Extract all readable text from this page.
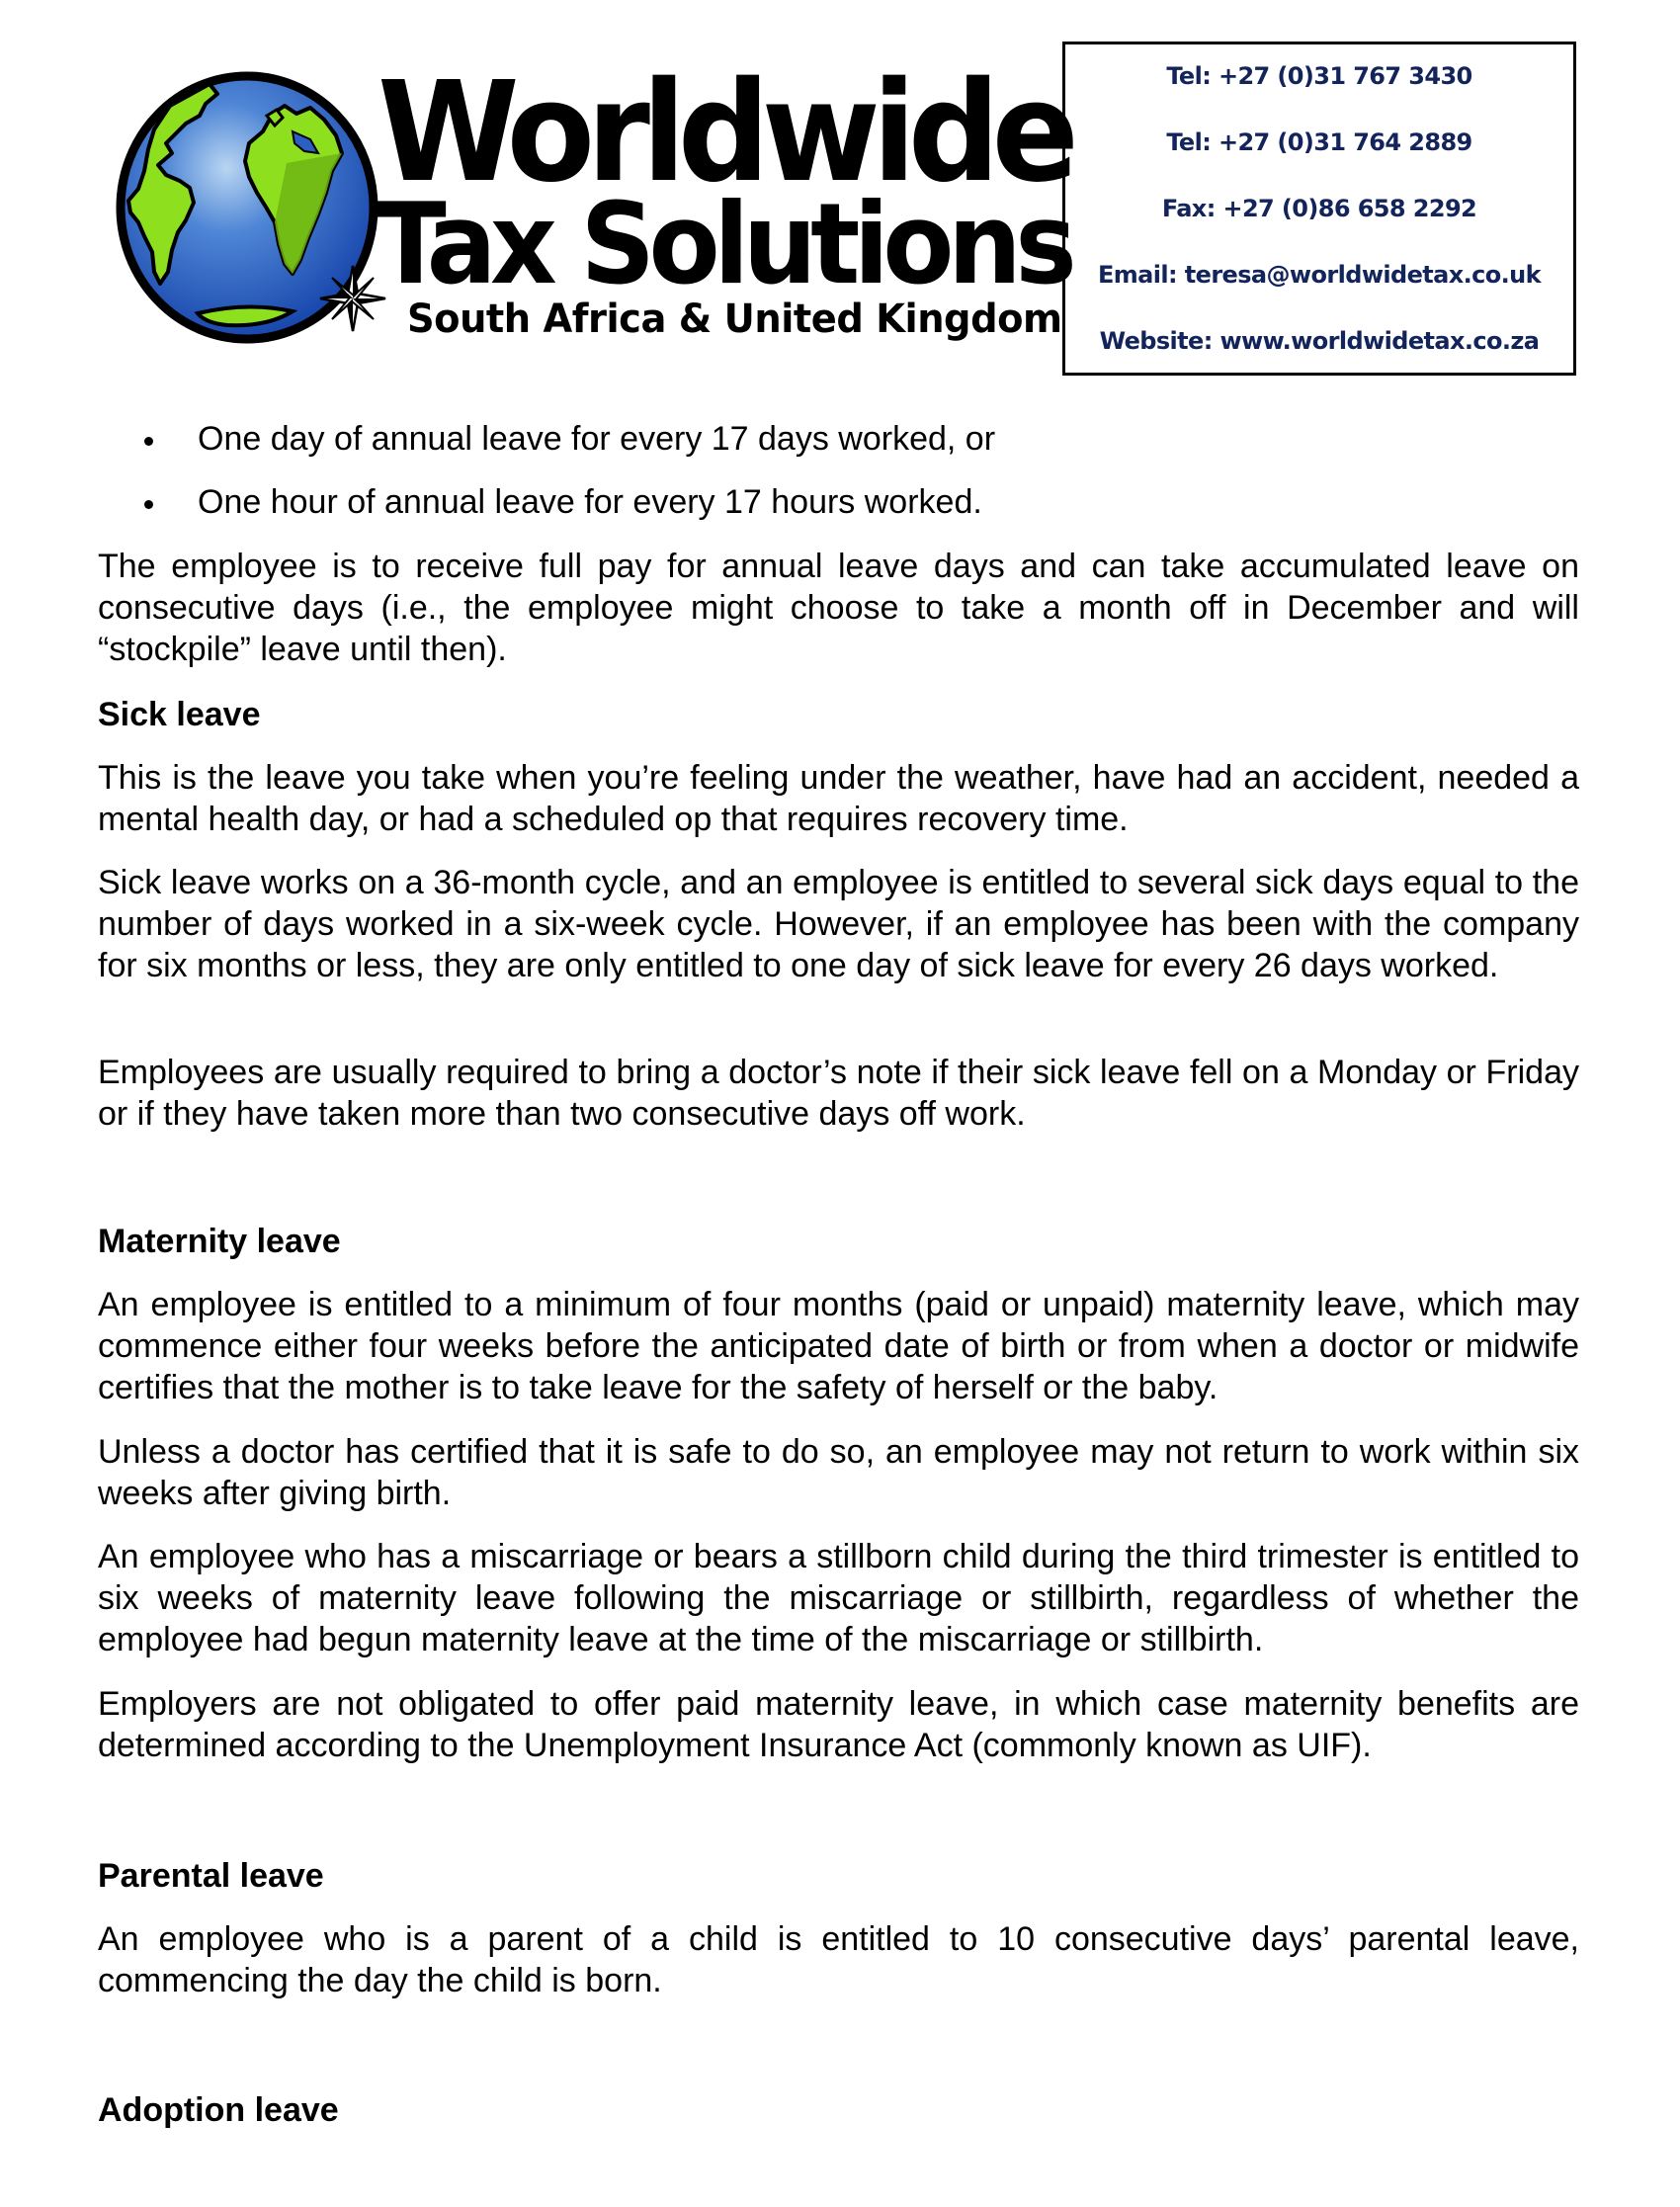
Worldwide
Tax Solutions
South Africa & United Kingdom
Tel: +27 (0)31 767 3430
Tel: +27 (0)31 764 2889
Fax: +27 (0)86 658 2292
Email: teresa@worldwidetax.co.uk
Website: www.worldwidetax.co.za
One day of annual leave for every 17 days worked, or
One hour of annual leave for every 17 hours worked.

The employee is to receive full pay for annual leave days and can take accumulated leave on consecutive days (i.e., the employee might choose to take a month off in December and will “stockpile” leave until then).

Sick leave

This is the leave you take when you’re feeling under the weather, have had an accident, needed a mental health day, or had a scheduled op that requires recovery time.

Sick leave works on a 36-month cycle, and an employee is entitled to several sick days equal to the number of days worked in a six-week cycle. However, if an employee has been with the company for six months or less, they are only entitled to one day of sick leave for every 26 days worked.

Employees are usually required to bring a doctor’s note if their sick leave fell on a Monday or Friday or if they have taken more than two consecutive days off work.

Maternity leave

An employee is entitled to a minimum of four months (paid or unpaid) maternity leave, which may commence either four weeks before the anticipated date of birth or from when a doctor or midwife certifies that the mother is to take leave for the safety of herself or the baby.

Unless a doctor has certified that it is safe to do so, an employee may not return to work within six weeks after giving birth.

An employee who has a miscarriage or bears a stillborn child during the third trimester is entitled to six weeks of maternity leave following the miscarriage or stillbirth, regardless of whether the employee had begun maternity leave at the time of the miscarriage or stillbirth.

Employers are not obligated to offer paid maternity leave, in which case maternity benefits are determined according to the Unemployment Insurance Act (commonly known as UIF).

Parental leave

An employee who is a parent of a child is entitled to 10 consecutive days’ parental leave, commencing the day the child is born.

Adoption leave
